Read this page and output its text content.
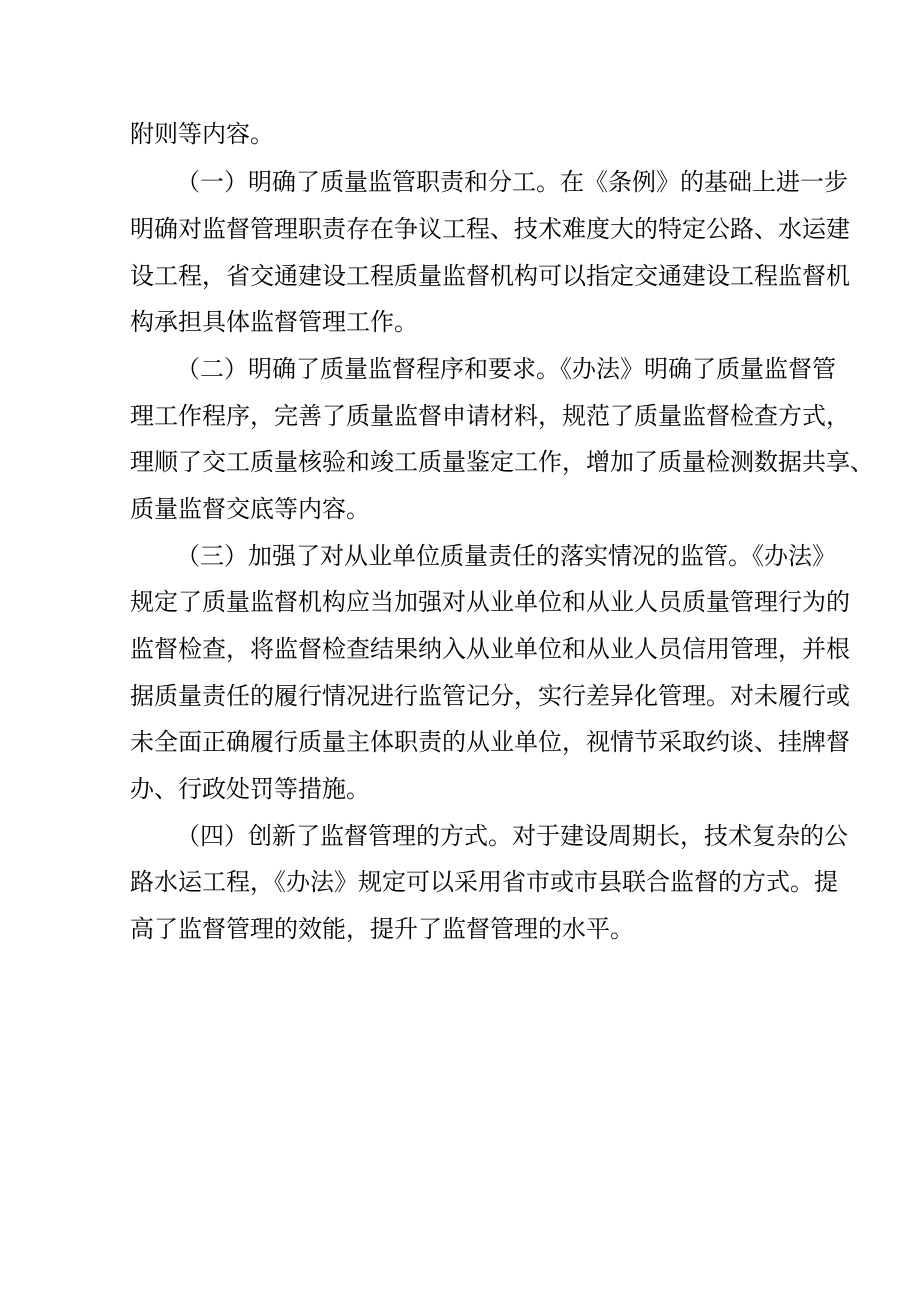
附则等内容。
（一）明确了质量监管职责和分工。在《条例》的基础上进一步
明确对监督管理职责存在争议工程、技术难度大的特定公路、水运建
设工程，省交通建设工程质量监督机构可以指定交通建设工程监督机
构承担具体监督管理工作。
（二）明确了质量监督程序和要求。《办法》明确了质量监督管
理工作程序，完善了质量监督申请材料，规范了质量监督检查方式，
理顺了交工质量核验和竣工质量鉴定工作，增加了质量检测数据共享、
质量监督交底等内容。
（三）加强了对从业单位质量责任的落实情况的监管。《办法》
规定了质量监督机构应当加强对从业单位和从业人员质量管理行为的
监督检查，将监督检查结果纳入从业单位和从业人员信用管理，并根
据质量责任的履行情况进行监管记分，实行差异化管理。对未履行或
未全面正确履行质量主体职责的从业单位，视情节采取约谈、挂牌督
办、行政处罚等措施。
（四）创新了监督管理的方式。对于建设周期长，技术复杂的公
路水运工程，《办法》规定可以采用省市或市县联合监督的方式。提
高了监督管理的效能，提升了监督管理的水平。
